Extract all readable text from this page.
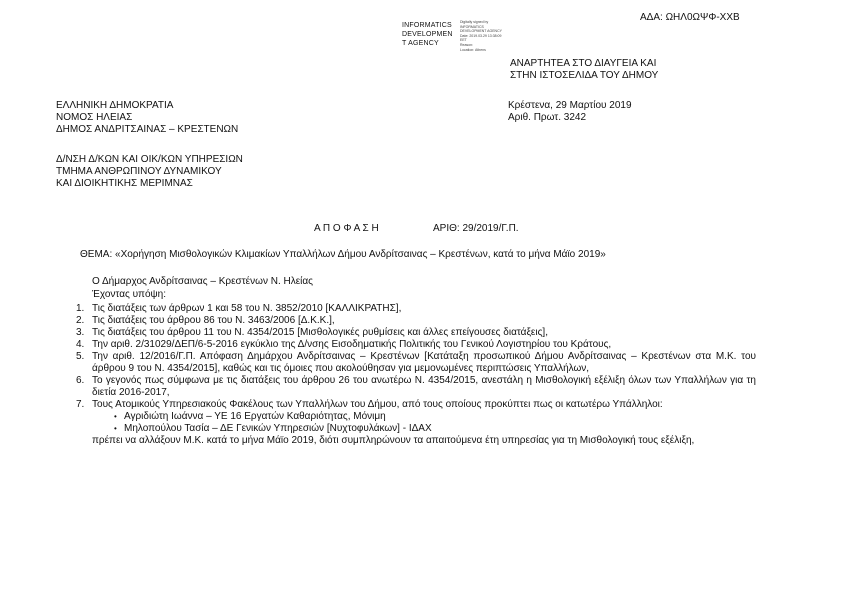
ΑΔΑ: ΩΗΛ0ΩΨΦ-ΧΧΒ
INFORMATICS
DEVELOPMEN
T AGENCY
Digitally signed by
INFORMATICS
DEVELOPMENT AGENCY
Date: 2019.03.29 13:38:09
EET
Reason:
Location: Athens
ΑΝΑΡΤΗΤΕΑ ΣΤΟ ΔΙΑΥΓΕΙΑ ΚΑΙ
ΣΤΗΝ ΙΣΤΟΣΕΛΙΔΑ ΤΟΥ ΔΗΜΟΥ
ΕΛΛΗΝΙΚΗ ΔΗΜΟΚΡΑΤΙΑ
ΝΟΜΟΣ ΗΛΕΙΑΣ
ΔΗΜΟΣ ΑΝΔΡΙΤΣΑΙΝΑΣ – ΚΡΕΣΤΕΝΩΝ
Κρέστενα, 29 Μαρτίου 2019
Αριθ. Πρωτ. 3242
Δ/ΝΣΗ Δ/ΚΩΝ ΚΑΙ ΟΙΚ/ΚΩΝ ΥΠΗΡΕΣΙΩΝ
ΤΜΗΜΑ ΑΝΘΡΩΠΙΝΟΥ ΔΥΝΑΜΙΚΟΥ
ΚΑΙ ΔΙΟΙΚΗΤΙΚΗΣ ΜΕΡΙΜΝΑΣ
Α Π Ο Φ Α Σ Η	ΑΡΙΘ: 29/2019/Γ.Π.
ΘΕΜΑ: «Χορήγηση Μισθολογικών Κλιμακίων Υπαλλήλων Δήμου Ανδρίτσαινας – Κρεστένων, κατά το μήνα Μάϊο 2019»
Ο Δήμαρχος Ανδρίτσαινας – Κρεστένων Ν. Ηλείας
Έχοντας υπόψη:
1. Τις διατάξεις των άρθρων 1 και 58 του Ν. 3852/2010 [ΚΑΛΛΙΚΡΑΤΗΣ],
2. Τις διατάξεις του άρθρου 86 του Ν. 3463/2006 [Δ.Κ.Κ.],
3. Τις διατάξεις του άρθρου 11 του Ν. 4354/2015 [Μισθολογικές ρυθμίσεις και άλλες επείγουσες διατάξεις],
4. Την αριθ. 2/31029/ΔΕΠ/6-5-2016 εγκύκλιο της Δ/νσης Εισοδηματικής Πολιτικής του Γενικού Λογιστηρίου του Κράτους,
5. Την αριθ. 12/2016/Γ.Π. Απόφαση Δημάρχου Ανδρίτσαινας – Κρεστένων [Κατάταξη προσωπικού Δήμου Ανδρίτσαινας – Κρεστένων στα Μ.Κ. του άρθρου 9 του Ν. 4354/2015], καθώς και τις όμοιες που ακολούθησαν για μεμονωμένες περιπτώσεις Υπαλλήλων,
6. Το γεγονός πως σύμφωνα με τις διατάξεις του άρθρου 26 του ανωτέρω Ν. 4354/2015, ανεστάλη η Μισθολογική εξέλιξη όλων των Υπαλλήλων για τη διετία 2016-2017,
7. Τους Ατομικούς Υπηρεσιακούς Φακέλους των Υπαλλήλων του Δήμου, από τους οποίους προκύπτει πως οι κατωτέρω Υπάλληλοι:
• Αγριδιώτη Ιωάννα – ΥΕ 16 Εργατών Καθαριότητας, Μόνιμη
• Μηλοπούλου Τασία – ΔΕ Γενικών Υπηρεσιών [Νυχτοφυλάκων] - ΙΔΑΧ
πρέπει να αλλάξουν Μ.Κ. κατά το μήνα Μάϊο 2019, διότι συμπληρώνουν τα απαιτούμενα έτη υπηρεσίας για τη Μισθολογική τους εξέλιξη,
